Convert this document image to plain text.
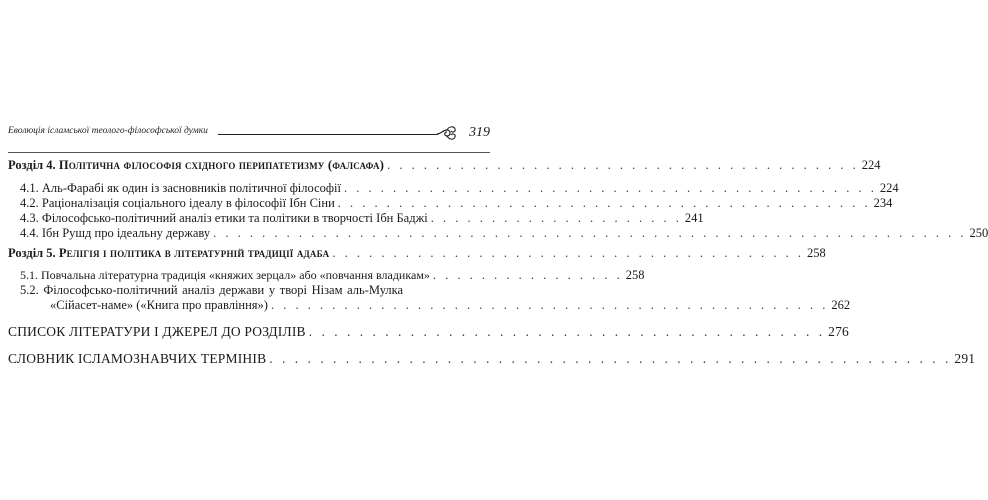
Еволюція ісламської теолого-філософської думки	319
Розділ 4. Політична філософія східного перипатетизму (фалсафа) . . . . . . . . . . . . . . . . . . . . . . . . . . . . . . . . . . . . . . . 224
4.1. Аль-Фарабі як один із засновників політичної філософії . . . . . . . . . . . . . . . . . . . . . . . . . . . . . . . . . . . . . . . . . . . . 224
4.2. Раціоналізація соціального ідеалу в філософії Ібн Сіни . . . . . . . . . . . . . . . . . . . . . . . . . . . . . . . . . . . . . . . . . . . . 234
4.3. Філософсько-політичний аналіз етики та політики в творчості Ібн Баджі . . . . . . . . . . . . . . . . . . . . . 241
4.4. Ібн Рушд про ідеальну державу . . . . . . . . . . . . . . . . . . . . . . . . . . . . . . . . . . . . . . . . . . . . . . . . . . . . . . . . . . . . . . 250
Розділ 5. Релігія і політика в літературній традиції адаба . . . . . . . . . . . . . . . . . . . . . . . . . . . . . . . . . . . . . . . 258
5.1. Повчальна літературна традиція «княжих зерцал» або «повчання владикам» . . . . . . . . . . . . . . . . 258
5.2. Філософсько-політичний аналіз держави у творі Нізам аль-Мулка
«Сійасет-наме» («Книга про правління») . . . . . . . . . . . . . . . . . . . . . . . . . . . . . . . . . . . . . . . . . . . . . . 262
СПИСОК ЛІТЕРАТУРИ І ДЖЕРЕЛ ДО РОЗДІЛІВ . . . . . . . . . . . . . . . . . . . . . . . . . . . . . . . . . . . . . . . . . 276
СЛОВНИК ІСЛАМОЗНАВЧИХ ТЕРМІНІВ . . . . . . . . . . . . . . . . . . . . . . . . . . . . . . . . . . . . . . . . . . . . . . . . . . . . . . 291
